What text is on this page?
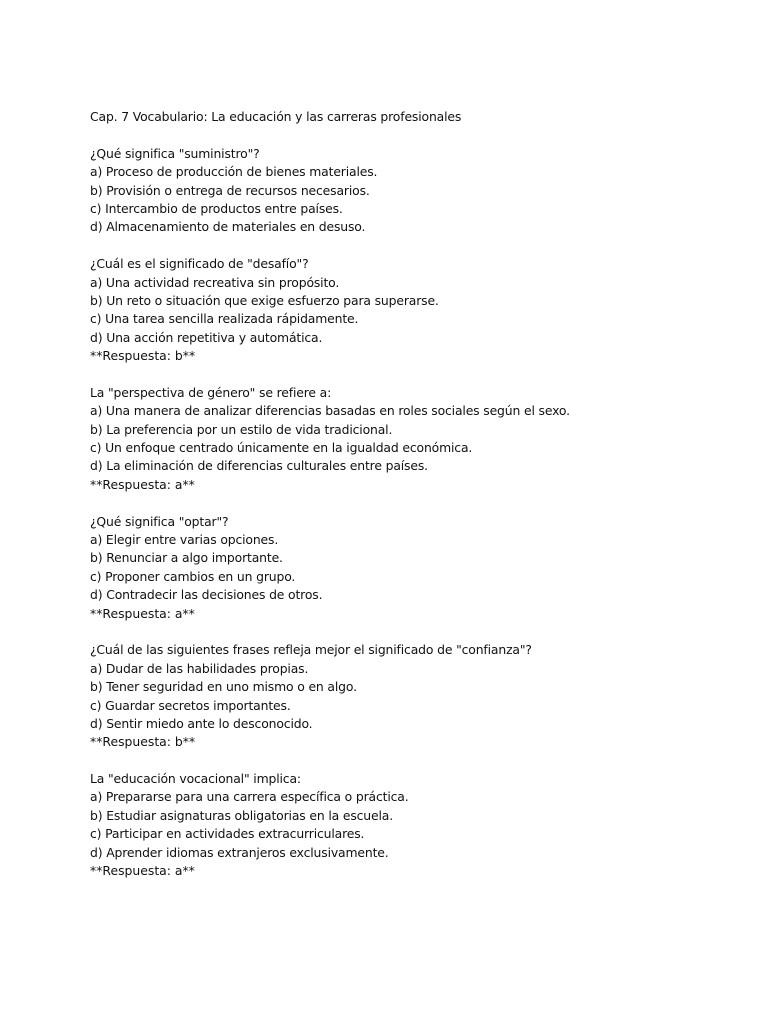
Cap. 7 Vocabulario: La educación y las carreras profesionales
¿Qué significa "suministro"?
a) Proceso de producción de bienes materiales.
b) Provisión o entrega de recursos necesarios.
c) Intercambio de productos entre países.
d) Almacenamiento de materiales en desuso.
¿Cuál es el significado de "desafío"?
a) Una actividad recreativa sin propósito.
b) Un reto o situación que exige esfuerzo para superarse.
c) Una tarea sencilla realizada rápidamente.
d) Una acción repetitiva y automática.
**Respuesta: b**
La "perspectiva de género" se refiere a:
a) Una manera de analizar diferencias basadas en roles sociales según el sexo.
b) La preferencia por un estilo de vida tradicional.
c) Un enfoque centrado únicamente en la igualdad económica.
d) La eliminación de diferencias culturales entre países.
**Respuesta: a**
¿Qué significa "optar"?
a) Elegir entre varias opciones.
b) Renunciar a algo importante.
c) Proponer cambios en un grupo.
d) Contradecir las decisiones de otros.
**Respuesta: a**
¿Cuál de las siguientes frases refleja mejor el significado de "confianza"?
a) Dudar de las habilidades propias.
b) Tener seguridad en uno mismo o en algo.
c) Guardar secretos importantes.
d) Sentir miedo ante lo desconocido.
**Respuesta: b**
La "educación vocacional" implica:
a) Prepararse para una carrera específica o práctica.
b) Estudiar asignaturas obligatorias en la escuela.
c) Participar en actividades extracurriculares.
d) Aprender idiomas extranjeros exclusivamente.
**Respuesta: a**
